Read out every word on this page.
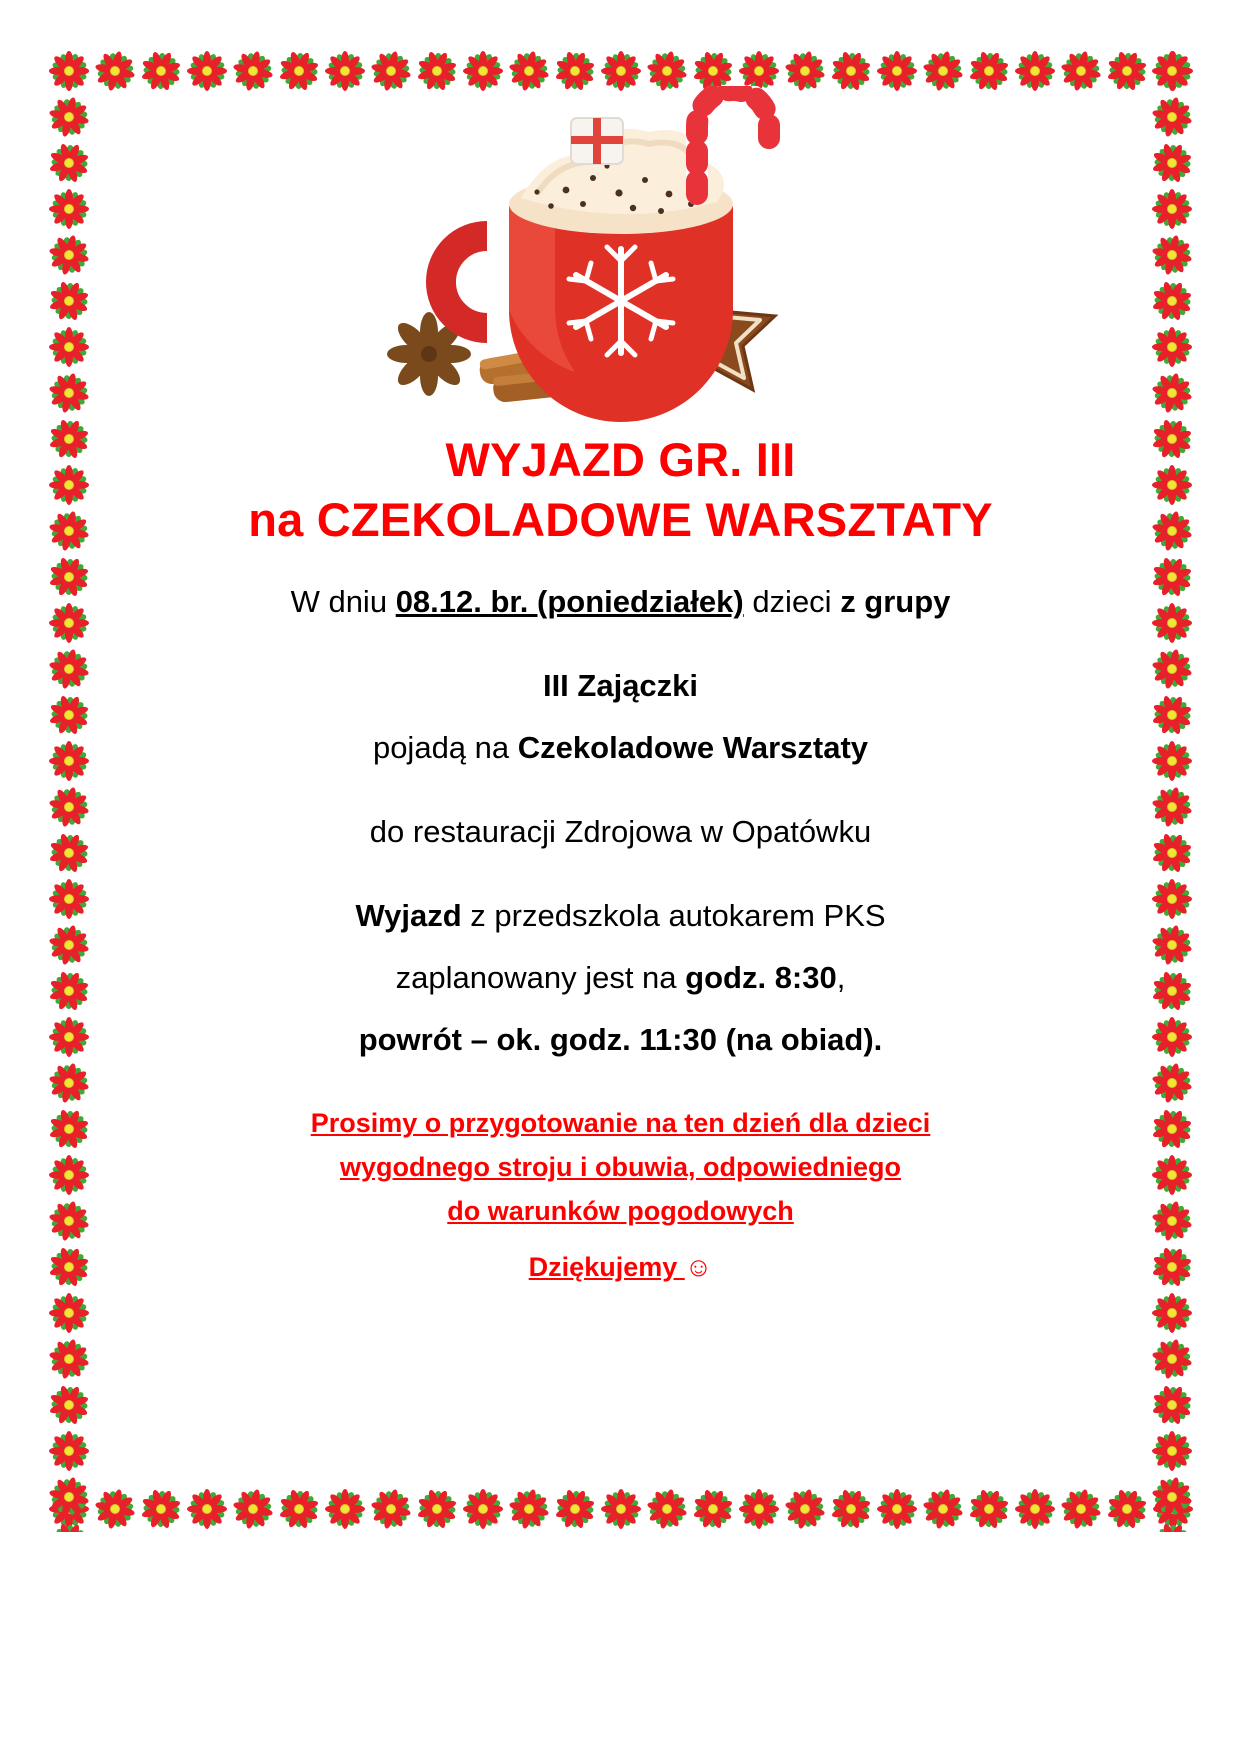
WYJAZD GR. III
na CZEKOLADOWE WARSZTATY

W dniu 08.12. br. (poniedziałek) dzieci z grupy

III Zajączki

pojadą na Czekoladowe Warsztaty

do restauracji Zdrojowa w Opatówku

Wyjazd z przedszkola autokarem PKS

zaplanowany jest na godz. 8:30,

powrót – ok. godz. 11:30 (na obiad).

Prosimy o przygotowanie na ten dzień dla dzieci

wygodnego stroju i obuwia, odpowiedniego

do warunków pogodowych

Dziękujemy ☺
